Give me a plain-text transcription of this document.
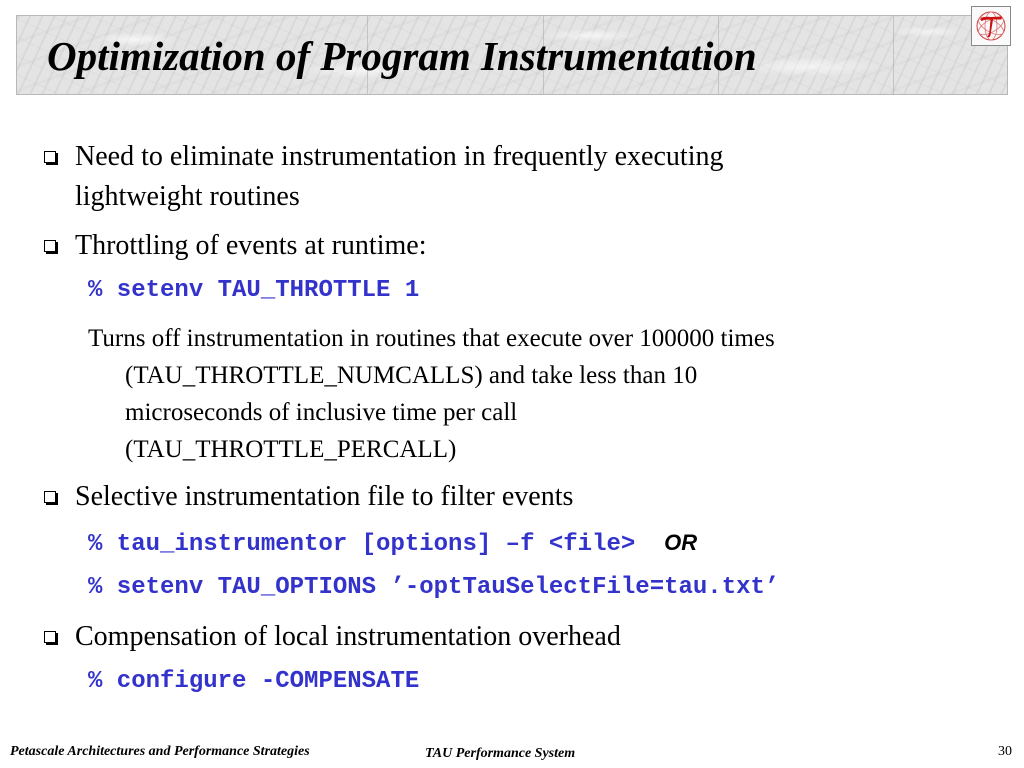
Optimization of Program Instrumentation
Need to eliminate instrumentation in frequently executing
lightweight routines
Throttling of events at runtime:
% setenv TAU_THROTTLE 1
Turns off instrumentation in routines that execute over 100000 times
(TAU_THROTTLE_NUMCALLS) and take less than 10
microseconds of inclusive time per call
(TAU_THROTTLE_PERCALL)
Selective instrumentation file to filter events
% tau_instrumentor [options] –f <file> OR
% setenv TAU_OPTIONS ’-optTauSelectFile=tau.txt’
Compensation of local instrumentation overhead
% configure -COMPENSATE
Petascale Architectures and Performance Strategies	TAU Performance System	30
